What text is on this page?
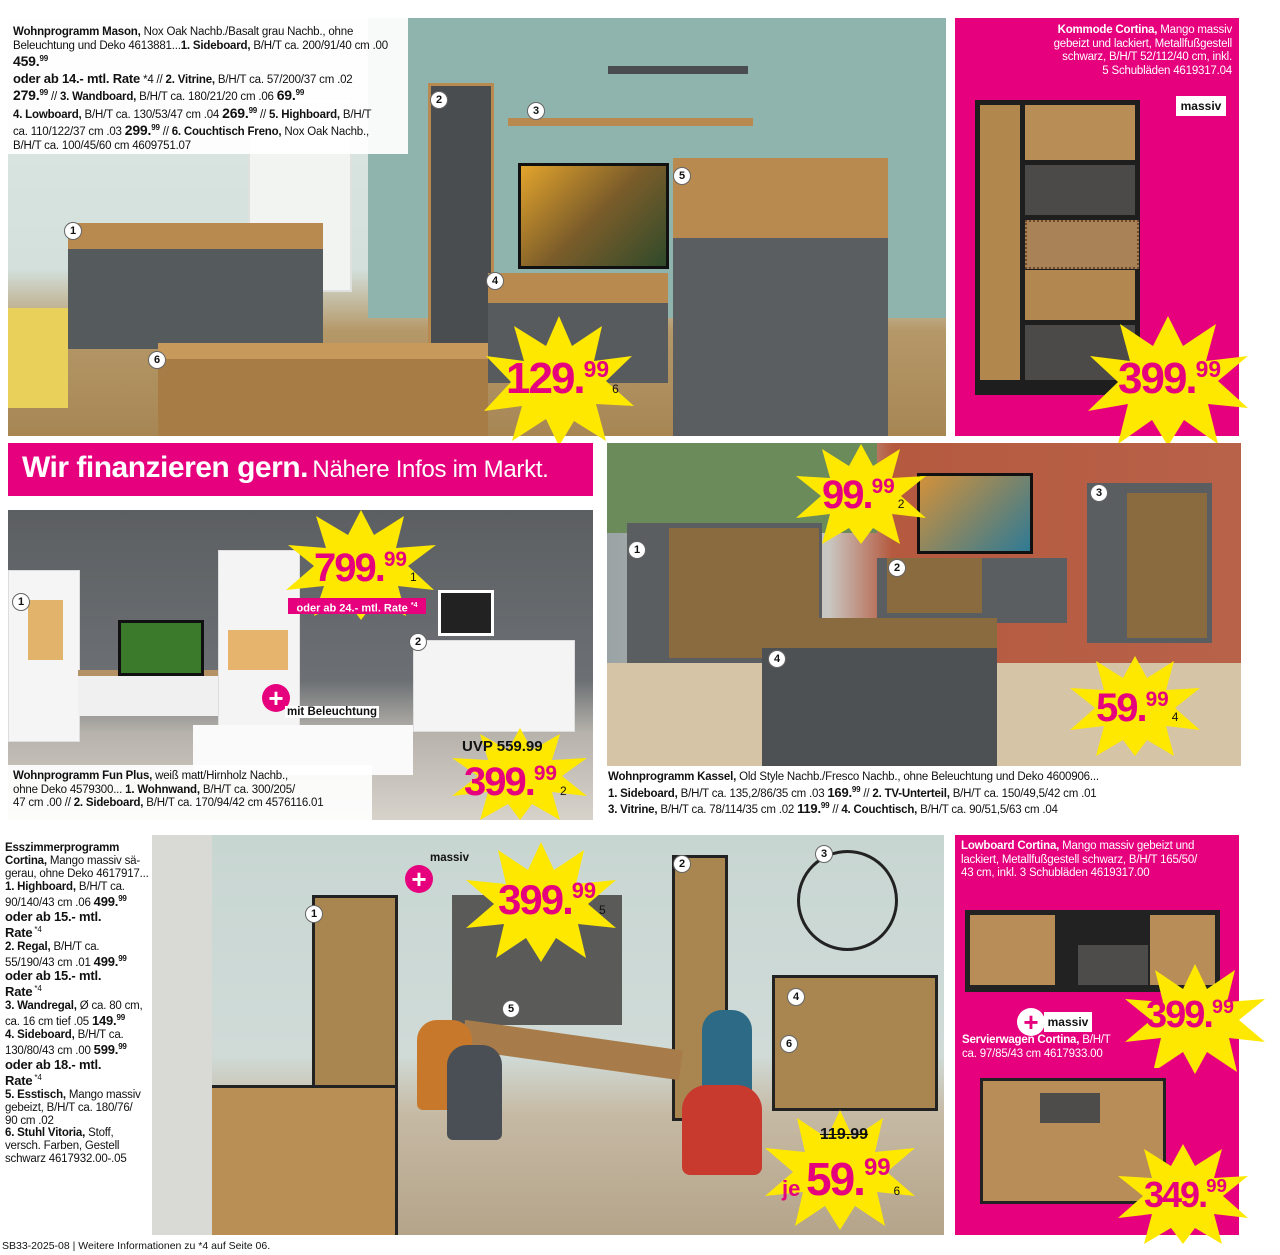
1
2
3
4
5
6
Wohnprogramm Mason, Nox Oak Nachb./Basalt grau Nachb., ohne Beleuchtung und Deko 4613881...1. Sideboard, B/H/T ca. 200/91/40 cm .00 459.99
oder ab 14.- mtl. Rate *4 // 2. Vitrine, B/H/T ca. 57/200/37 cm .02
279.99 // 3. Wandboard, B/H/T ca. 180/21/20 cm .06 69.99
4. Lowboard, B/H/T ca. 130/53/47 cm .04 269.99 // 5. Highboard, B/H/T
ca. 110/122/37 cm .03 299.99 // 6. Couchtisch Freno, Nox Oak Nachb.,
B/H/T ca. 100/45/60 cm 4609751.07
129.996
Kommode Cortina, Mango massiv
gebeizt und lackiert, Metallfußgestell
schwarz, B/H/T 52/112/40 cm, inkl.
5 Schubläden 4619317.04
massiv
399.99
Wir finanzieren gern. Nähere Infos im Markt.
1
2
799.991
oder ab 24.- mtl. Rate $^{*4}$
+ mit Beleuchtung
UVP 559.99
399.992
Wohnprogramm Fun Plus, weiß matt/Hirnholz Nachb.,
ohne Deko 4579300... 1. Wohnwand, B/H/T ca. 300/205/
47 cm .00 // 2. Sideboard, B/H/T ca. 170/94/42 cm 4576116.01
1
2
3
4
99.992
59.994
Wohnprogramm Kassel, Old Style Nachb./Fresco Nachb., ohne Beleuchtung und Deko 4600906...
1. Sideboard, B/H/T ca. 135,2/86/35 cm .03 169.99 // 2. TV-Unterteil, B/H/T ca. 150/49,5/42 cm .01
3. Vitrine, B/H/T ca. 78/114/35 cm .02 119.99 // 4. Couchtisch, B/H/T ca. 90/51,5/63 cm .04
Esszimmerprogramm
Cortina, Mango massiv sä-
gerau, ohne Deko 4617917...
1. Highboard, B/H/T ca.
90/140/43 cm .06 499.99
oder ab 15.- mtl.
Rate $^{*4}$
2. Regal, B/H/T ca.
55/190/43 cm .01 499.99
oder ab 15.- mtl.
Rate $^{*4}$
3. Wandregal, Ø ca. 80 cm,
ca. 16 cm tief .05 149.99
4. Sideboard, B/H/T ca.
130/80/43 cm .00 599.99
oder ab 18.- mtl.
Rate $^{*4}$
5. Esstisch, Mango massiv
gebeizt, B/H/T ca. 180/76/
90 cm .02
6. Stuhl Vitoria, Stoff,
versch. Farben, Gestell
schwarz 4617932.00-.05
1
2
3
4
5
6
+
massiv
399.995
119.99
je 59.996
Lowboard Cortina, Mango massiv gebeizt und
lackiert, Metallfußgestell schwarz, B/H/T 165/50/
43 cm, inkl. 3 Schubläden 4619317.00
399.99
+ massiv
Servierwagen Cortina, B/H/T
ca. 97/85/43 cm 4617933.00
349.99
SB33-2025-08 | Weitere Informationen zu *4 auf Seite 06.
